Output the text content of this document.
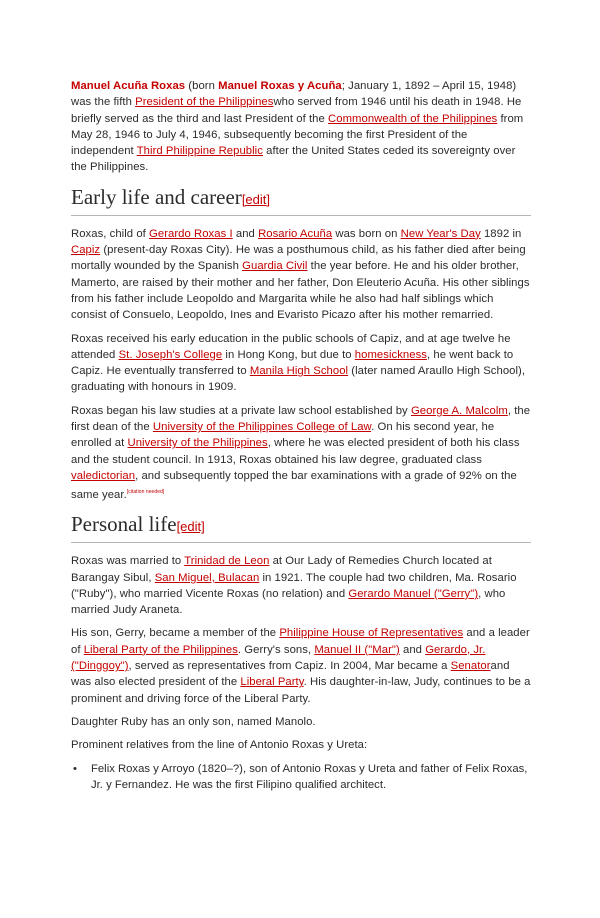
Manuel Acuña Roxas (born Manuel Roxas y Acuña; January 1, 1892 – April 15, 1948) was the fifth President of the Philippineswho served from 1946 until his death in 1948. He briefly served as the third and last President of the Commonwealth of the Philippines from May 28, 1946 to July 4, 1946, subsequently becoming the first President of the independent Third Philippine Republic after the United States ceded its sovereignty over the Philippines.

Early life and career[edit]

Roxas, child of Gerardo Roxas I and Rosario Acuña was born on New Year's Day 1892 in Capiz (present-day Roxas City). He was a posthumous child, as his father died after being mortally wounded by the Spanish Guardia Civil the year before. He and his older brother, Mamerto, are raised by their mother and her father, Don Eleuterio Acuña. His other siblings from his father include Leopoldo and Margarita while he also had half siblings which consist of Consuelo, Leopoldo, Ines and Evaristo Picazo after his mother remarried.

Roxas received his early education in the public schools of Capiz, and at age twelve he attended St. Joseph's College in Hong Kong, but due to homesickness, he went back to Capiz. He eventually transferred to Manila High School (later named Araullo High School), graduating with honours in 1909.

Roxas began his law studies at a private law school established by George A. Malcolm, the first dean of the University of the Philippines College of Law. On his second year, he enrolled at University of the Philippines, where he was elected president of both his class and the student council. In 1913, Roxas obtained his law degree, graduated class valedictorian, and subsequently topped the bar examinations with a grade of 92% on the same year.[citation needed]

Personal life[edit]

Roxas was married to Trinidad de Leon at Our Lady of Remedies Church located at Barangay Sibul, San Miguel, Bulacan in 1921. The couple had two children, Ma. Rosario ("Ruby"), who married Vicente Roxas (no relation) and Gerardo Manuel ("Gerry"), who married Judy Araneta.

His son, Gerry, became a member of the Philippine House of Representatives and a leader of Liberal Party of the Philippines. Gerry's sons, Manuel II ("Mar") and Gerardo, Jr. ("Dinggoy"), served as representatives from Capiz. In 2004, Mar became a Senatorand was also elected president of the Liberal Party. His daughter-in-law, Judy, continues to be a prominent and driving force of the Liberal Party.

Daughter Ruby has an only son, named Manolo.

Prominent relatives from the line of Antonio Roxas y Ureta:

• Felix Roxas y Arroyo (1820–?), son of Antonio Roxas y Ureta and father of Felix Roxas, Jr. y Fernandez. He was the first Filipino qualified architect.
